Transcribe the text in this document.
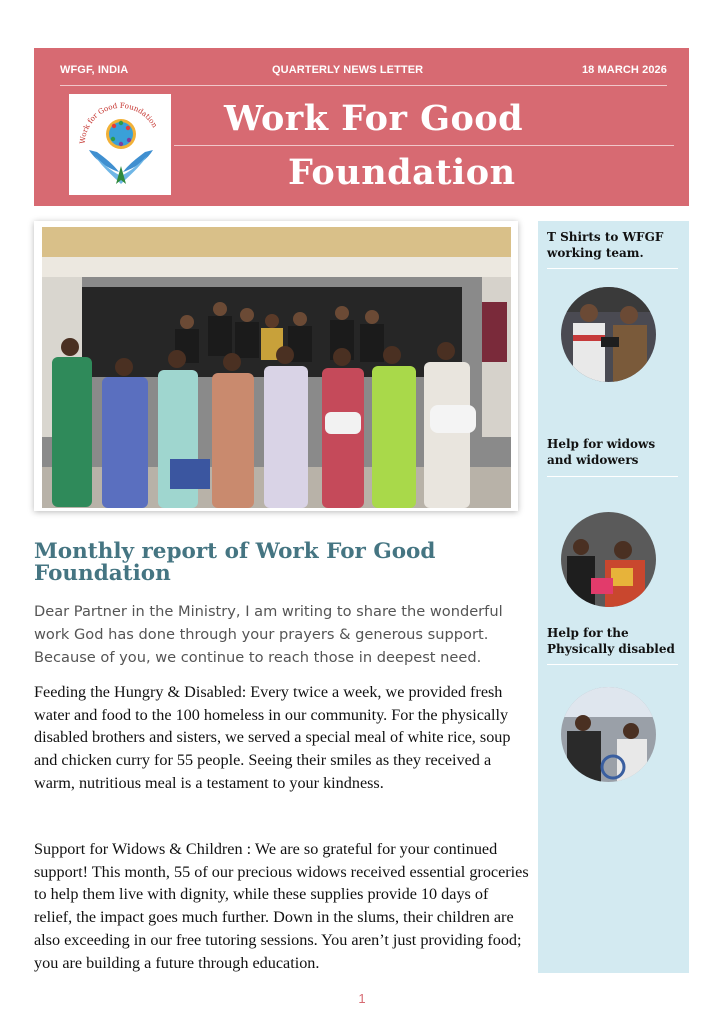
WFGF, INDIA	QUARTERLY NEWS LETTER	18 MARCH 2026
Work for Good Foundation Work For Good
Foundation
T Shirts to WFGF working team.
Help for widows and widowers
Help for the Physically disabled
Monthly report of Work For Good Foundation
Dear Partner in the Ministry, I am writing to share the wonderful work God has done through your prayers & generous support. Because of you, we continue to reach those in deepest need.
Feeding the Hungry & Disabled: Every twice a week, we provided fresh water and food to the 100 homeless in our community. For the physically disabled brothers and sisters, we served a special meal of white rice, soup and chicken curry for 55 people. Seeing their smiles as they received a warm, nutritious meal is a testament to your kindness.
Support for Widows & Children : We are so grateful for your continued support! This month, 55 of our precious widows received essential groceries to help them live with dignity, while these supplies provide 10 days of relief, the impact goes much further. Down in the slums, their children are also exceeding in our free tutoring sessions. You aren’t just providing food; you are building a future through education.
1
